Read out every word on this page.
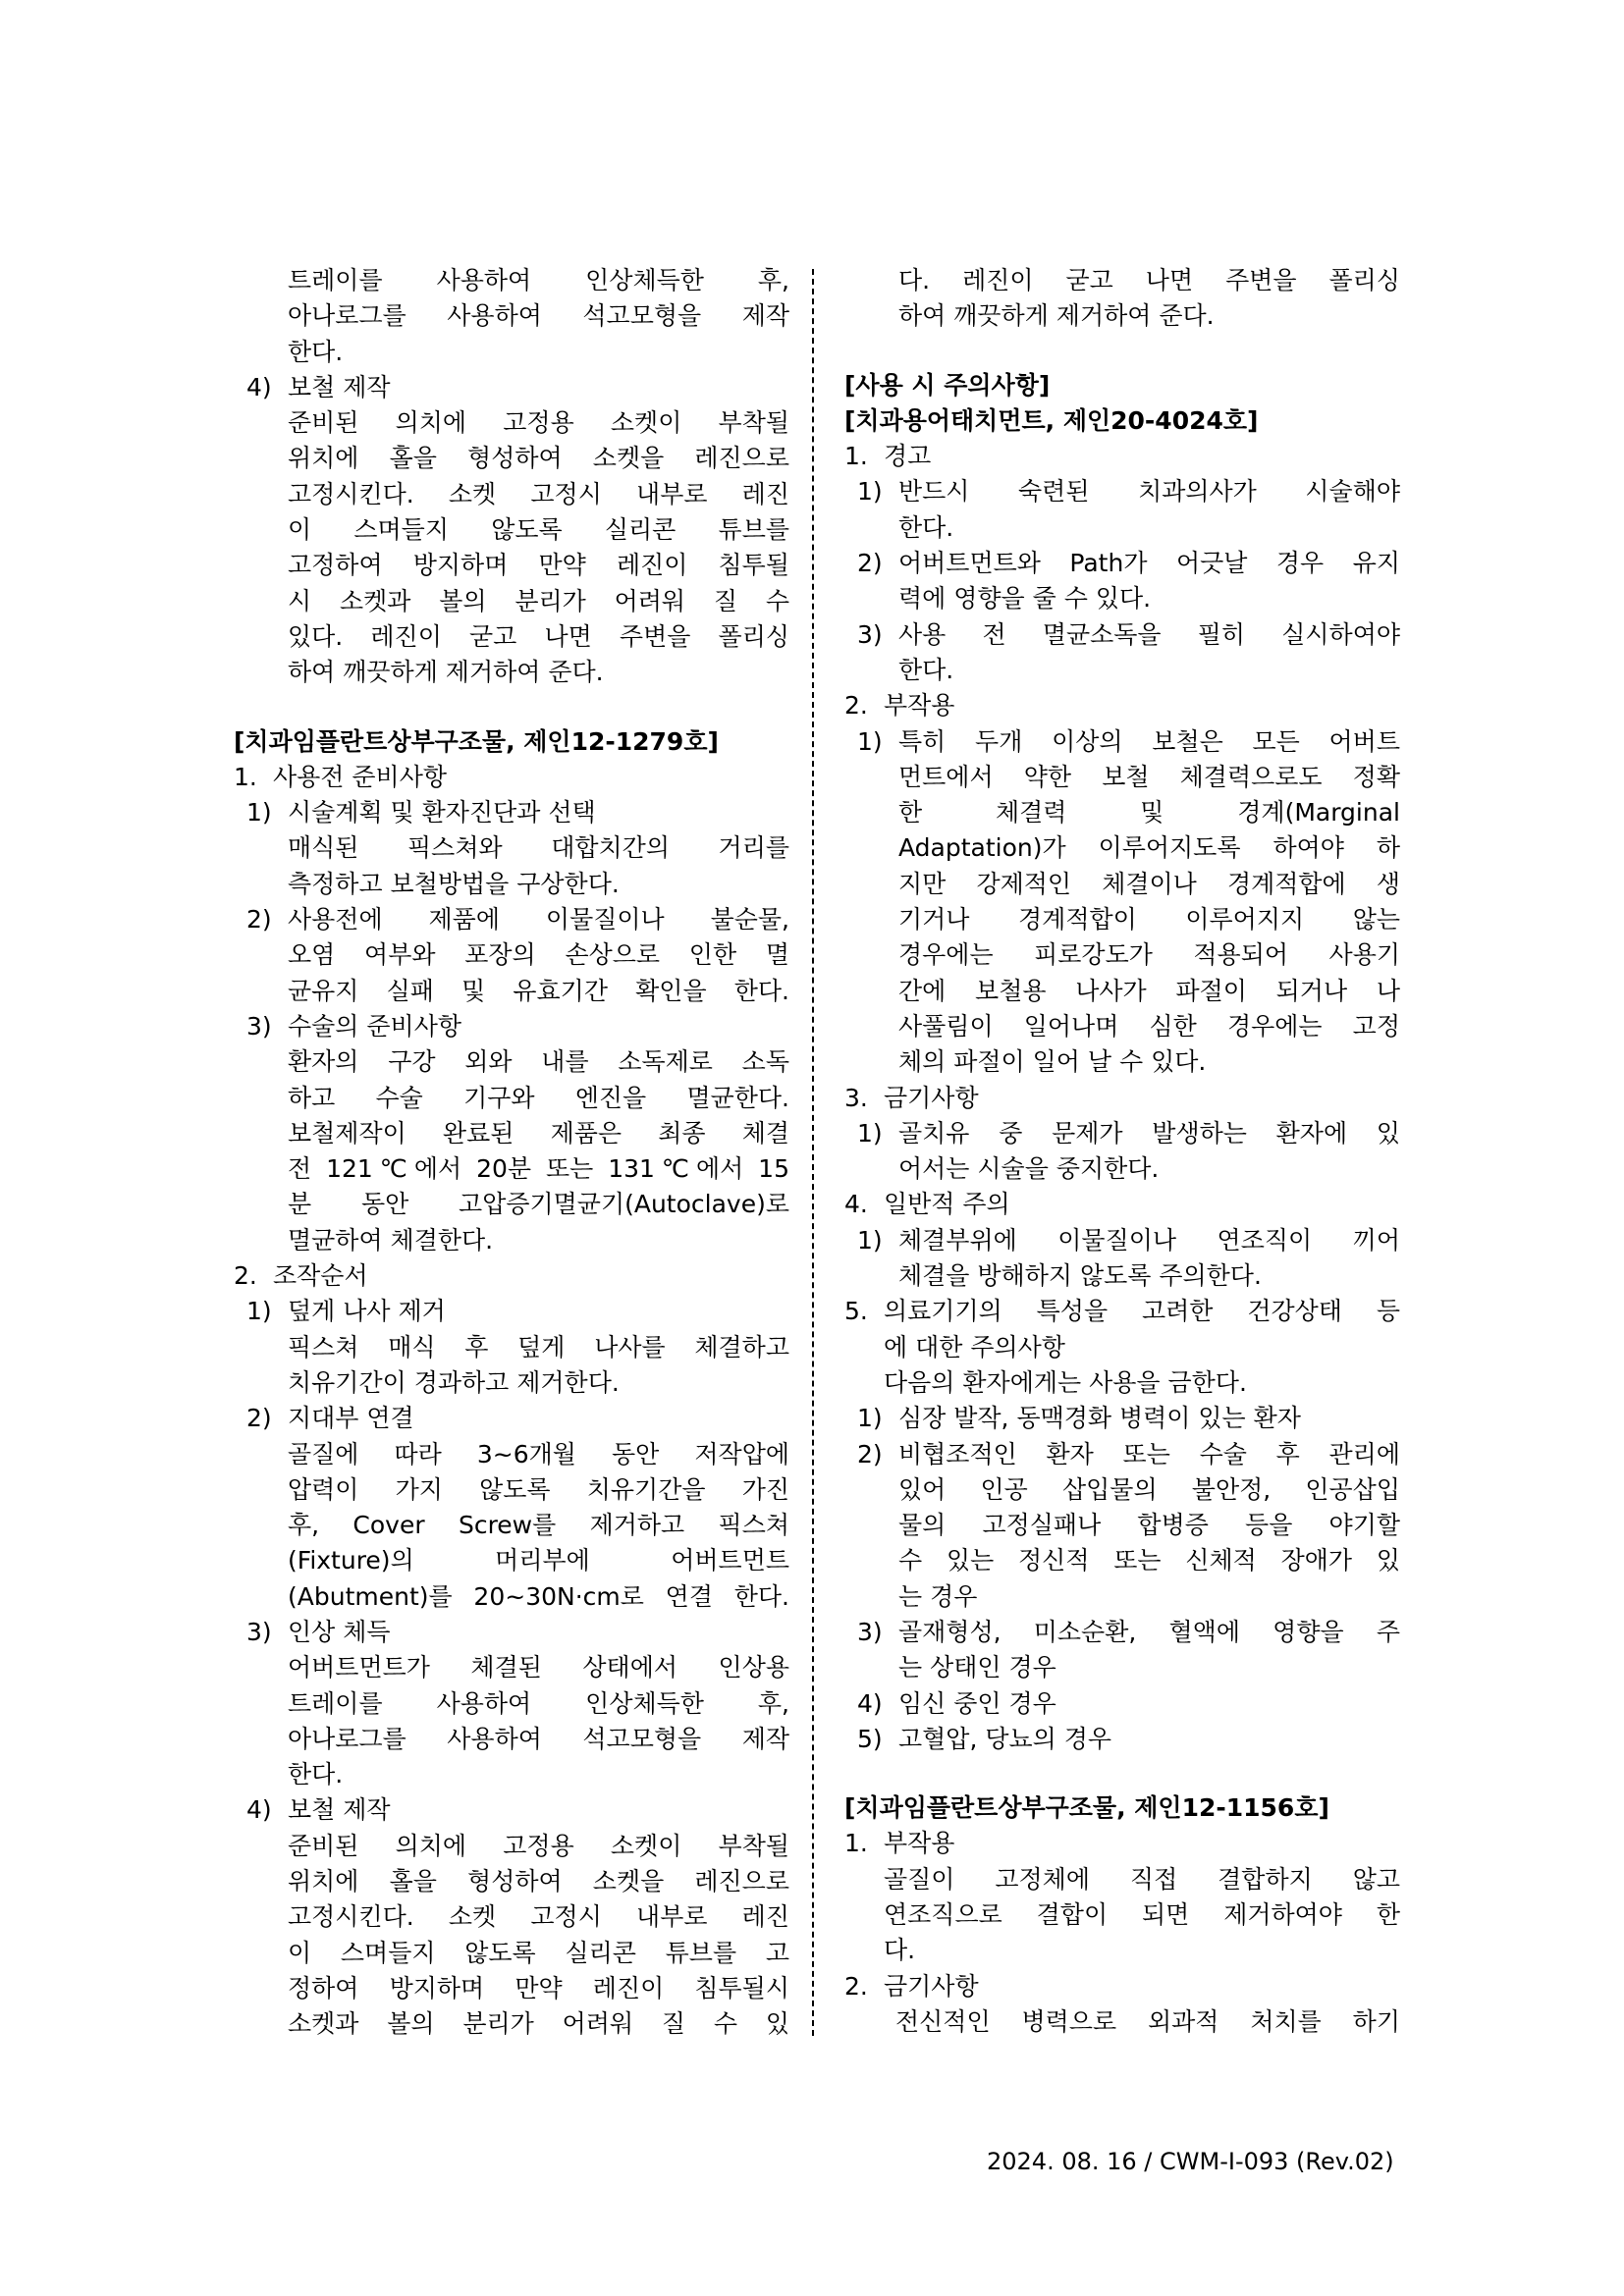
트레이를 사용하여 인상체득한 후,
아나로그를 사용하여 석고모형을 제작
한다.
4) 보철 제작
준비된 의치에 고정용 소켓이 부착될
위치에 홀을 형성하여 소켓을 레진으로
고정시킨다. 소켓 고정시 내부로 레진
이 스며들지 않도록 실리콘 튜브를
고정하여 방지하며 만약 레진이 침투될
시 소켓과 볼의 분리가 어려워 질 수
있다. 레진이 굳고 나면 주변을 폴리싱
하여 깨끗하게 제거하여 준다.
[치과임플란트상부구조물, 제인12-1279호]
1. 사용전 준비사항
1) 시술계획 및 환자진단과 선택
매식된 픽스쳐와 대합치간의 거리를
측정하고 보철방법을 구상한다.
2) 사용전에 제품에 이물질이나 불순물,
오염 여부와 포장의 손상으로 인한 멸
균유지 실패 및 유효기간 확인을 한다.
3) 수술의 준비사항
환자의 구강 외와 내를 소독제로 소독
하고 수술 기구와 엔진을 멸균한다.
보철제작이 완료된 제품은 최종 체결
전 121℃에서 20분 또는 131℃에서 15
분 동안 고압증기멸균기(Autoclave)로
멸균하여 체결한다.
2. 조작순서
1) 덮게 나사 제거
픽스쳐 매식 후 덮게 나사를 체결하고
치유기간이 경과하고 제거한다.
2) 지대부 연결
골질에 따라 3~6개월 동안 저작압에
압력이 가지 않도록 치유기간을 가진
후, Cover Screw를 제거하고 픽스쳐
(Fixture)의 머리부에 어버트먼트
(Abutment)를 20~30N·cm로 연결 한다.
3) 인상 체득
어버트먼트가 체결된 상태에서 인상용
트레이를 사용하여 인상체득한 후,
아나로그를 사용하여 석고모형을 제작
한다.
4) 보철 제작
준비된 의치에 고정용 소켓이 부착될
위치에 홀을 형성하여 소켓을 레진으로
고정시킨다. 소켓 고정시 내부로 레진
이 스며들지 않도록 실리콘 튜브를 고
정하여 방지하며 만약 레진이 침투될시
소켓과 볼의 분리가 어려워 질 수 있
다. 레진이 굳고 나면 주변을 폴리싱
하여 깨끗하게 제거하여 준다.
[사용 시 주의사항]
[치과용어태치먼트, 제인20-4024호]
1. 경고
1) 반드시 숙련된 치과의사가 시술해야
한다.
2) 어버트먼트와 Path가 어긋날 경우 유지
력에 영향을 줄 수 있다.
3) 사용 전 멸균소독을 필히 실시하여야
한다.
2. 부작용
1) 특히 두개 이상의 보철은 모든 어버트
먼트에서 약한 보철 체결력으로도 정확
한 체결력 및 경계(Marginal
Adaptation)가 이루어지도록 하여야 하
지만 강제적인 체결이나 경계적합에 생
기거나 경계적합이 이루어지지 않는
경우에는 피로강도가 적용되어 사용기
간에 보철용 나사가 파절이 되거나 나
사풀림이 일어나며 심한 경우에는 고정
체의 파절이 일어 날 수 있다.
3. 금기사항
1) 골치유 중 문제가 발생하는 환자에 있
어서는 시술을 중지한다.
4. 일반적 주의
1) 체결부위에 이물질이나 연조직이 끼어
체결을 방해하지 않도록 주의한다.
5. 의료기기의 특성을 고려한 건강상태 등
에 대한 주의사항
다음의 환자에게는 사용을 금한다.
1) 심장 발작, 동맥경화 병력이 있는 환자
2) 비협조적인 환자 또는 수술 후 관리에
있어 인공 삽입물의 불안정, 인공삽입
물의 고정실패나 합병증 등을 야기할
수 있는 정신적 또는 신체적 장애가 있
는 경우
3) 골재형성, 미소순환, 혈액에 영향을 주
는 상태인 경우
4) 임신 중인 경우
5) 고혈압, 당뇨의 경우
[치과임플란트상부구조물, 제인12-1156호]
1. 부작용
골질이 고정체에 직접 결합하지 않고
연조직으로 결합이 되면 제거하여야 한
다.
2. 금기사항
전신적인 병력으로 외과적 처치를 하기
2024. 08. 16 / CWM-I-093 (Rev.02)
